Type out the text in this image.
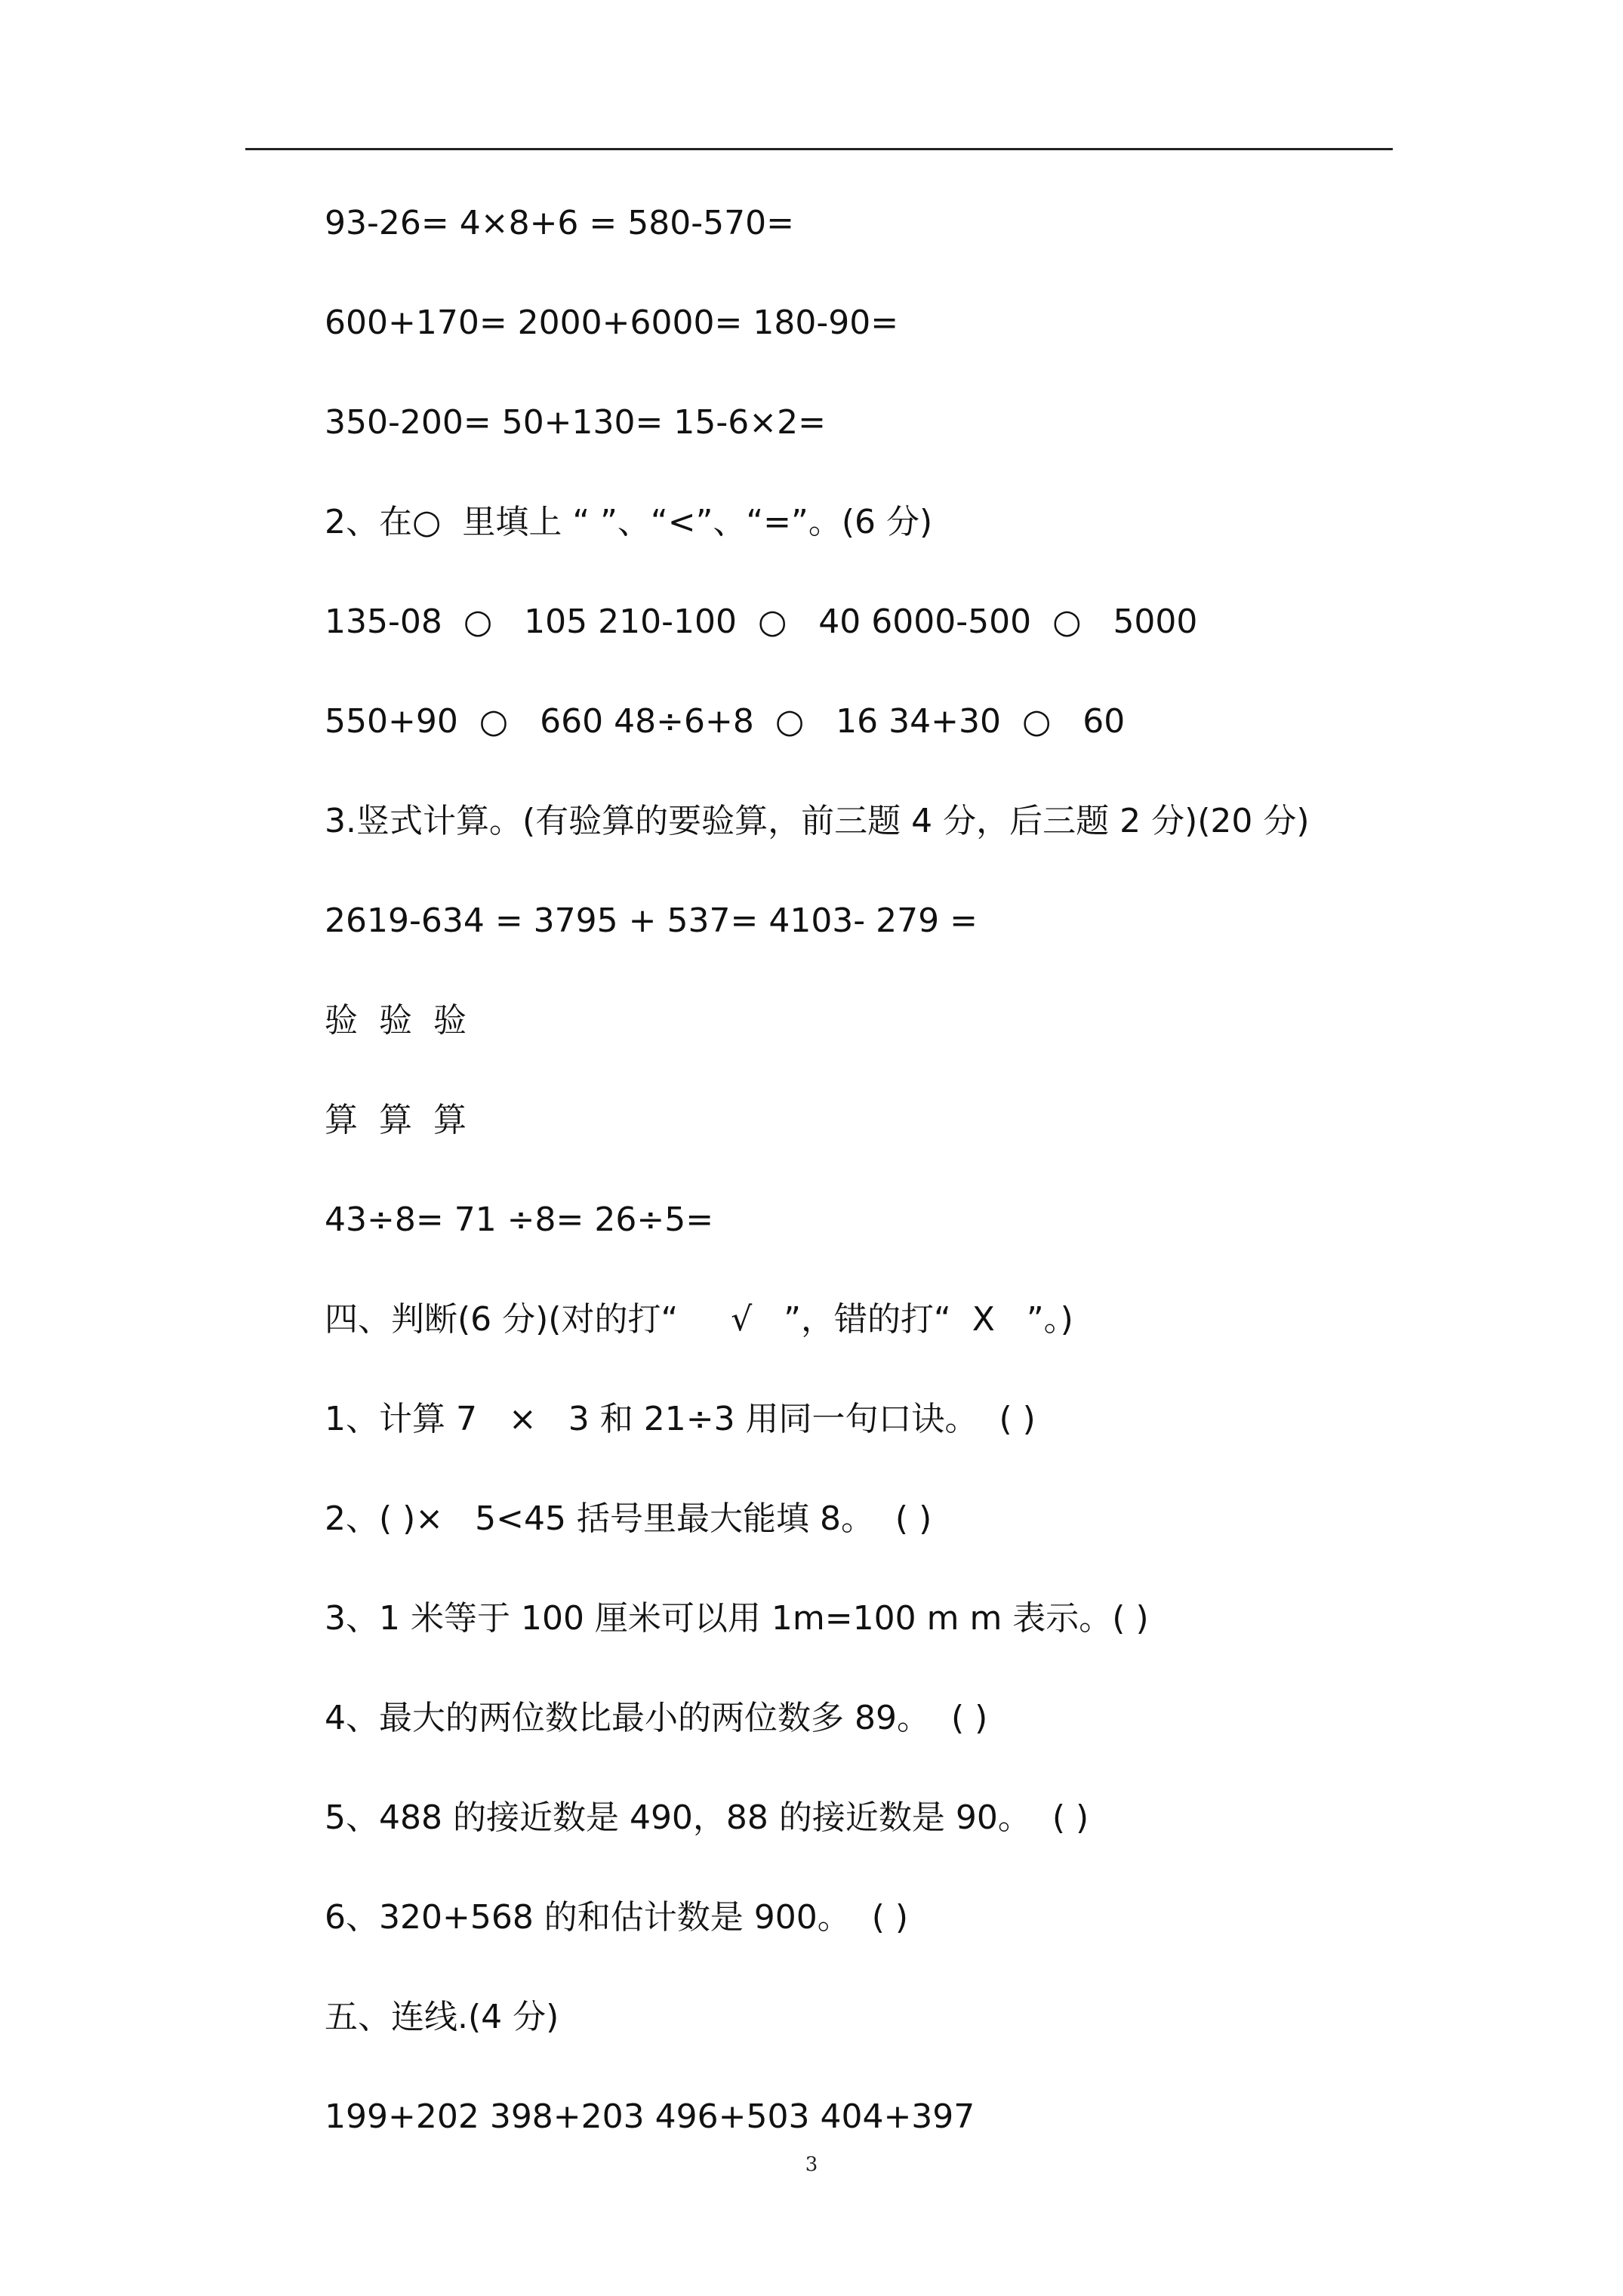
93-26= 4×8+6 = 580-570=
600+170= 2000+6000= 180-90=
350-200= 50+130= 15-6×2=
2、在○  里填上 “ ”、“<”、“=”。(6 分)
135-08  ○   105 210-100  ○   40 6000-500  ○   5000
550+90  ○   660 48÷6+8  ○   16 34+30  ○   60
3.竖式计算。(有验算的要验算，前三题 4 分，后三题 2 分)(20 分)
2619-634 = 3795 + 537= 4103- 279 =
验  验  验
算  算  算
43÷8= 71 ÷8= 26÷5=
四、判断(6 分)(对的打“     √   ”，错的打“  X   ”。)
1、计算 7   ×   3 和 21÷3 用同一句口诀。  ( )
2、( )×   5<45 括号里最大能填 8。  ( )
3、1 米等于 100 厘米可以用 1m=100 m m 表示。( )
4、最大的两位数比最小的两位数多 89。  ( )
5、488 的接近数是 490，88 的接近数是 90。  ( )
6、320+568 的和估计数是 900。  ( )
五、连线.(4 分)
199+202 398+203 496+503 404+397
3
